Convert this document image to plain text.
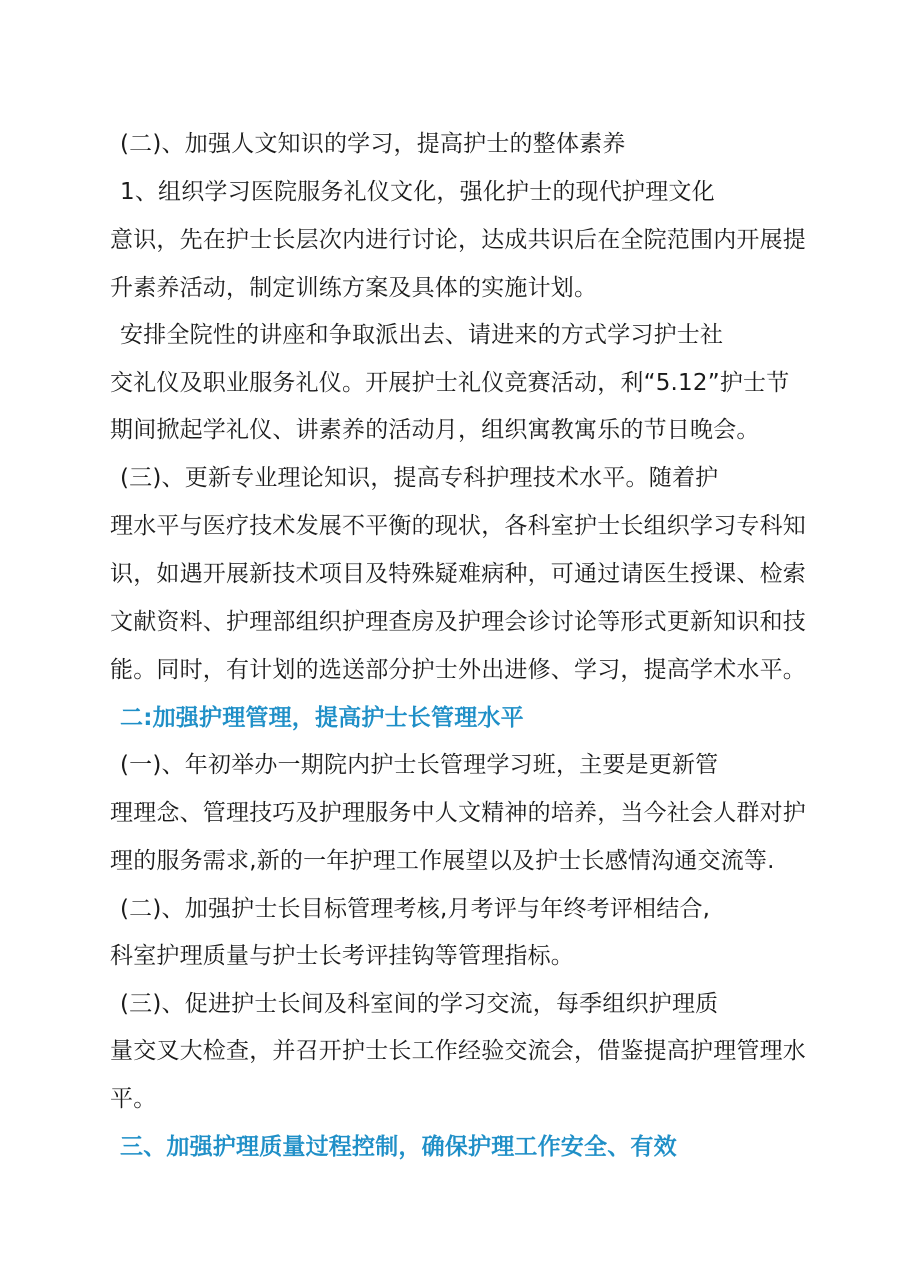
(二)、加强人文知识的学习，提高护士的整体素养

1、组织学习医院服务礼仪文化，强化护士的现代护理文化

意识，先在护士长层次内进行讨论，达成共识后在全院范围内开展提

升素养活动，制定训练方案及具体的实施计划。

安排全院性的讲座和争取派出去、请进来的方式学习护士社

交礼仪及职业服务礼仪。开展护士礼仪竞赛活动，利“5.12”护士节

期间掀起学礼仪、讲素养的活动月，组织寓教寓乐的节日晚会。

(三)、更新专业理论知识，提高专科护理技术水平。随着护

理水平与医疗技术发展不平衡的现状，各科室护士长组织学习专科知

识，如遇开展新技术项目及特殊疑难病种，可通过请医生授课、检索

文献资料、护理部组织护理查房及护理会诊讨论等形式更新知识和技

能。同时，有计划的选送部分护士外出进修、学习，提高学术水平。

二:加强护理管理，提高护士长管理水平

(一)、年初举办一期院内护士长管理学习班，主要是更新管

理理念、管理技巧及护理服务中人文精神的培养，当今社会人群对护

理的服务需求,新的一年护理工作展望以及护士长感情沟通交流等.

(二)、加强护士长目标管理考核,月考评与年终考评相结合,

科室护理质量与护士长考评挂钩等管理指标。

(三)、促进护士长间及科室间的学习交流，每季组织护理质

量交叉大检查，并召开护士长工作经验交流会，借鉴提高护理管理水

平。

三、加强护理质量过程控制，确保护理工作安全、有效
